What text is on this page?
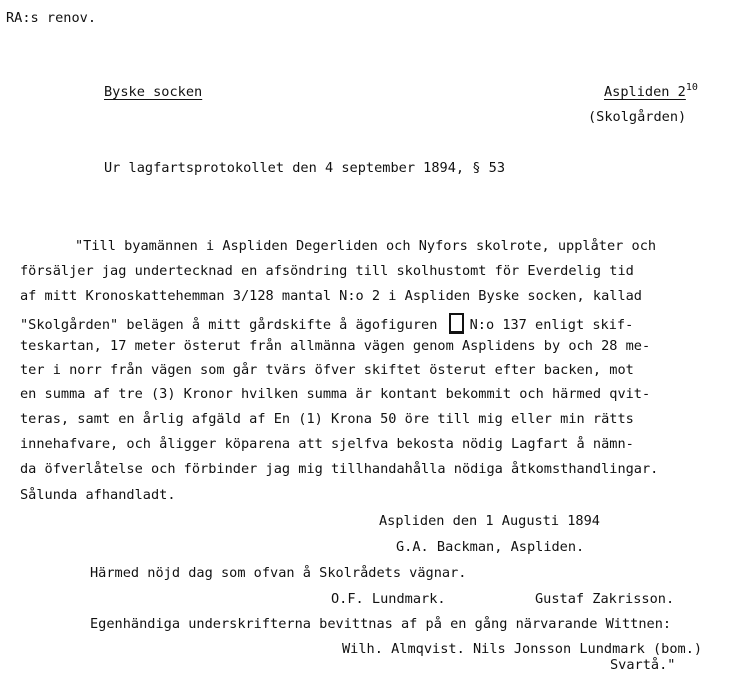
RA:s renov.
Byske socken	Aspliden $2^{10}$
(Skolgården)
Ur lagfartsprotokollet den 4 september 1894, § 53
"Till byamännen i Aspliden Degerliden och Nyfors skolrote, upplåter och
försäljer jag undertecknad en afsöndring till skolhustomt för Everdelig tid
af mitt Kronoskattehemman 3/128 mantal N:o 2 i Aspliden Byske socken, kallad
"Skolgården" belägen å mitt gårdskifte å ägofiguren N:o 137 enligt skif-
teskartan, 17 meter österut från allmänna vägen genom Asplidens by och 28 me-
ter i norr från vägen som går tvärs öfver skiftet österut efter backen, mot
en summa af tre (3) Kronor hvilken summa är kontant bekommit och härmed qvit-
teras, samt en årlig afgäld af En (1) Krona 50 öre till mig eller min rätts
innehafvare, och åligger köparena att sjelfva bekosta nödig Lagfart å nämn-
da öfverlåtelse och förbinder jag mig tillhandahålla nödiga åtkomsthandlingar.
Sålunda afhandladt.
Aspliden den 1 Augusti 1894
G.A. Backman, Aspliden.
Härmed nöjd dag som ofvan å Skolrådets vägnar.
O.F. Lundmark.	Gustaf Zakrisson.
Egenhändiga underskrifterna bevittnas af på en gång närvarande Wittnen:
Wilh. Almqvist. Nils Jonsson Lundmark (bom.)
Svartå."
